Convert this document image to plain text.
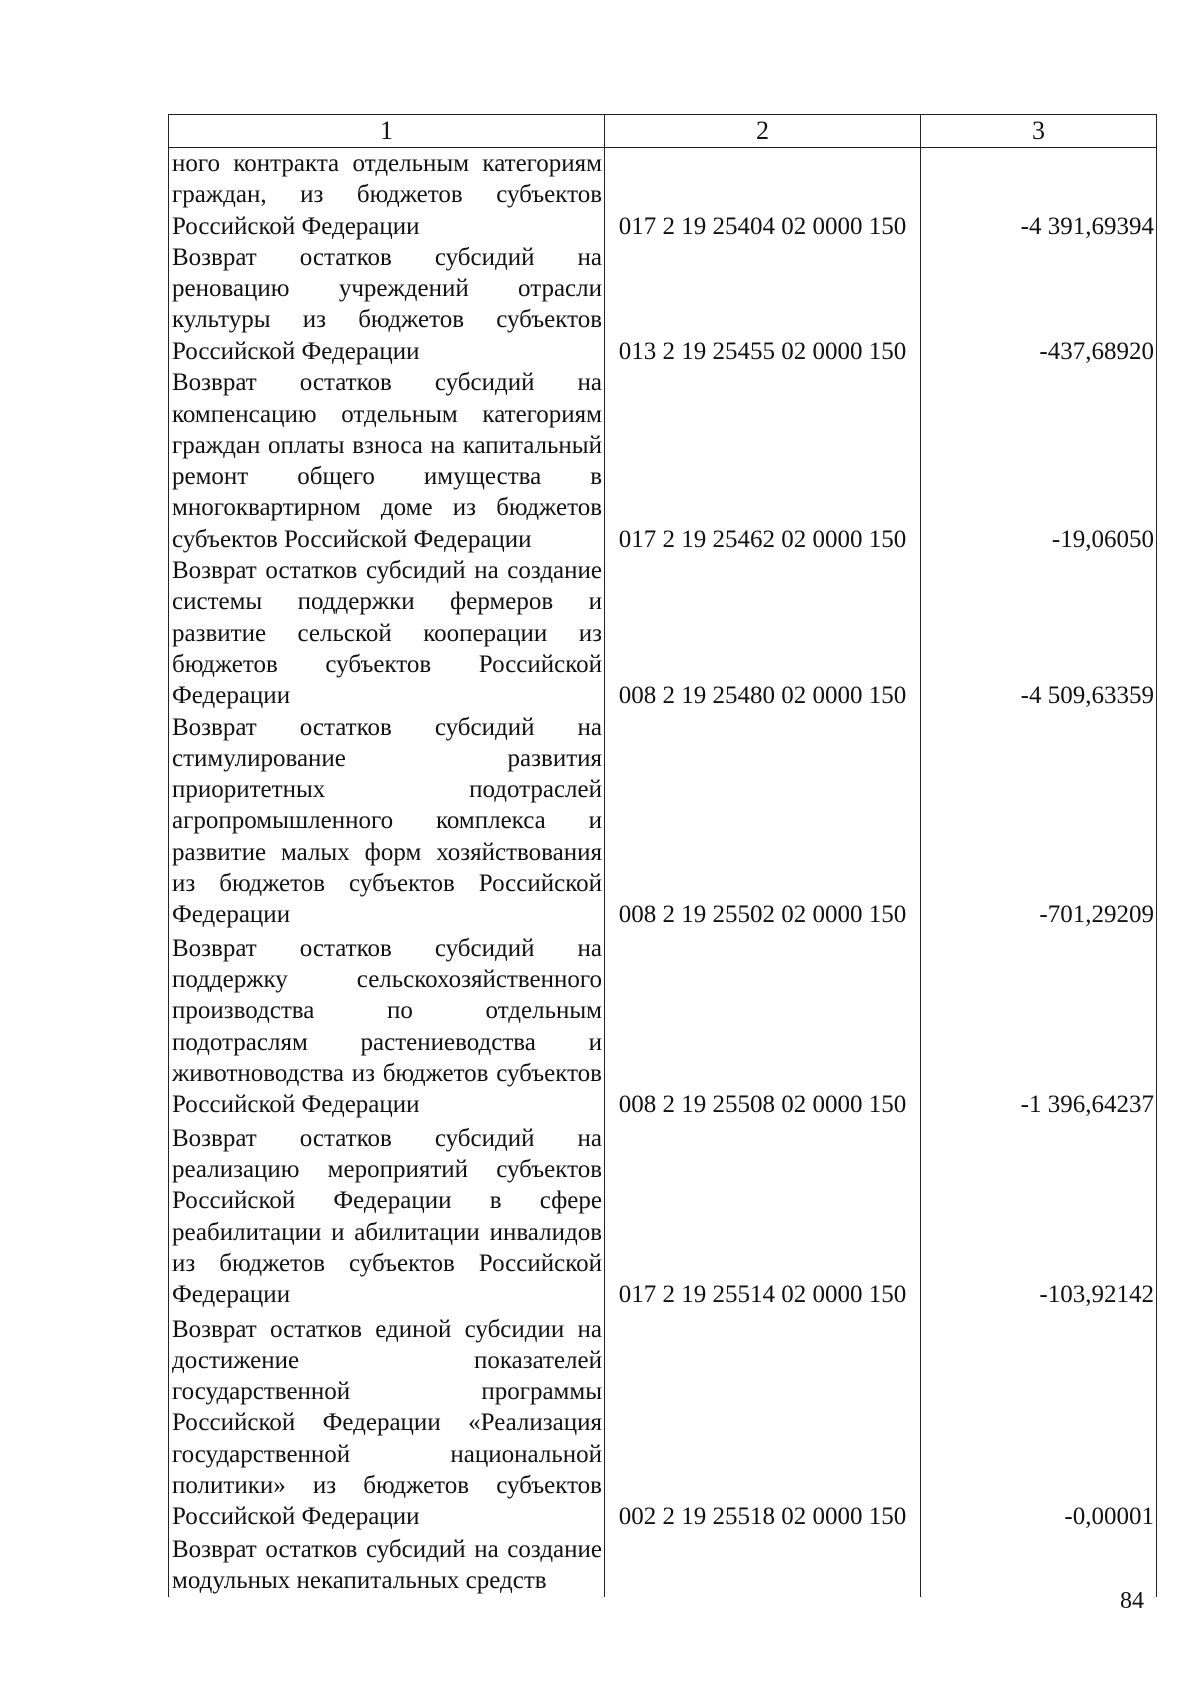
1	2	3
ного контракта отдельным категориям граждан, из бюджетов субъектов Российской Федерации	017 2 19 25404 02 0000 150	-4 391,69394
Возврат остатков субсидий на реновацию учреждений отрасли культуры из бюджетов субъектов Российской Федерации	013 2 19 25455 02 0000 150	-437,68920
Возврат остатков субсидий на компенсацию отдельным категориям граждан оплаты взноса на капитальный ремонт общего имущества в многоквартирном доме из бюджетов субъектов Российской Федерации	017 2 19 25462 02 0000 150	-19,06050
Возврат остатков субсидий на создание системы поддержки фермеров и развитие сельской кооперации из бюджетов субъектов Российской Федерации	008 2 19 25480 02 0000 150	-4 509,63359
Возврат остатков субсидий на стимулирование развития приоритетных подотраслей агропромышленного комплекса и развитие малых форм хозяйствования из бюджетов субъектов Российской Федерации	008 2 19 25502 02 0000 150	-701,29209
Возврат остатков субсидий на поддержку сельскохозяйственного производства по отдельным подотраслям растениеводства и животноводства из бюджетов субъектов Российской Федерации	008 2 19 25508 02 0000 150	-1 396,64237
Возврат остатков субсидий на реализацию мероприятий субъектов Российской Федерации в сфере реабилитации и абилитации инвалидов из бюджетов субъектов Российской Федерации	017 2 19 25514 02 0000 150	-103,92142
Возврат остатков единой субсидии на достижение показателей государственной программы Российской Федерации «Реализация государственной национальной политики» из бюджетов субъектов Российской Федерации	002 2 19 25518 02 0000 150	-0,00001
Возврат остатков субсидий на создание модульных некапитальных средств		
84
